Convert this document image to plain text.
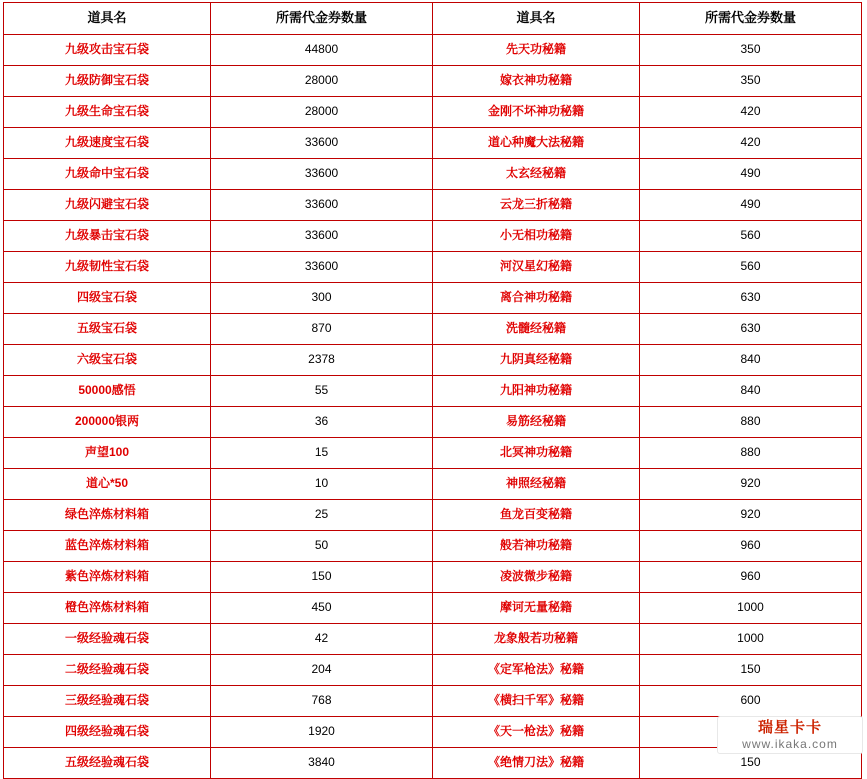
道具名	所需代金券数量	道具名	所需代金券数量
九级攻击宝石袋	44800	先天功秘籍	350
九级防御宝石袋	28000	嫁衣神功秘籍	350
九级生命宝石袋	28000	金刚不坏神功秘籍	420
九级速度宝石袋	33600	道心种魔大法秘籍	420
九级命中宝石袋	33600	太玄经秘籍	490
九级闪避宝石袋	33600	云龙三折秘籍	490
九级暴击宝石袋	33600	小无相功秘籍	560
九级韧性宝石袋	33600	河汉星幻秘籍	560
四级宝石袋	300	离合神功秘籍	630
五级宝石袋	870	洗髓经秘籍	630
六级宝石袋	2378	九阴真经秘籍	840
50000感悟	55	九阳神功秘籍	840
200000银两	36	易筋经秘籍	880
声望100	15	北冥神功秘籍	880
道心*50	10	神照经秘籍	920
绿色淬炼材料箱	25	鱼龙百变秘籍	920
蓝色淬炼材料箱	50	般若神功秘籍	960
紫色淬炼材料箱	150	凌波微步秘籍	960
橙色淬炼材料箱	450	摩诃无量秘籍	1000
一级经验魂石袋	42	龙象般若功秘籍	1000
二级经验魂石袋	204	《定军枪法》秘籍	150
三级经验魂石袋	768	《横扫千军》秘籍	600
四级经验魂石袋	1920	《天一枪法》秘籍	
五级经验魂石袋	3840	《绝情刀法》秘籍	150
瑞星卡卡
www.ikaka.com
